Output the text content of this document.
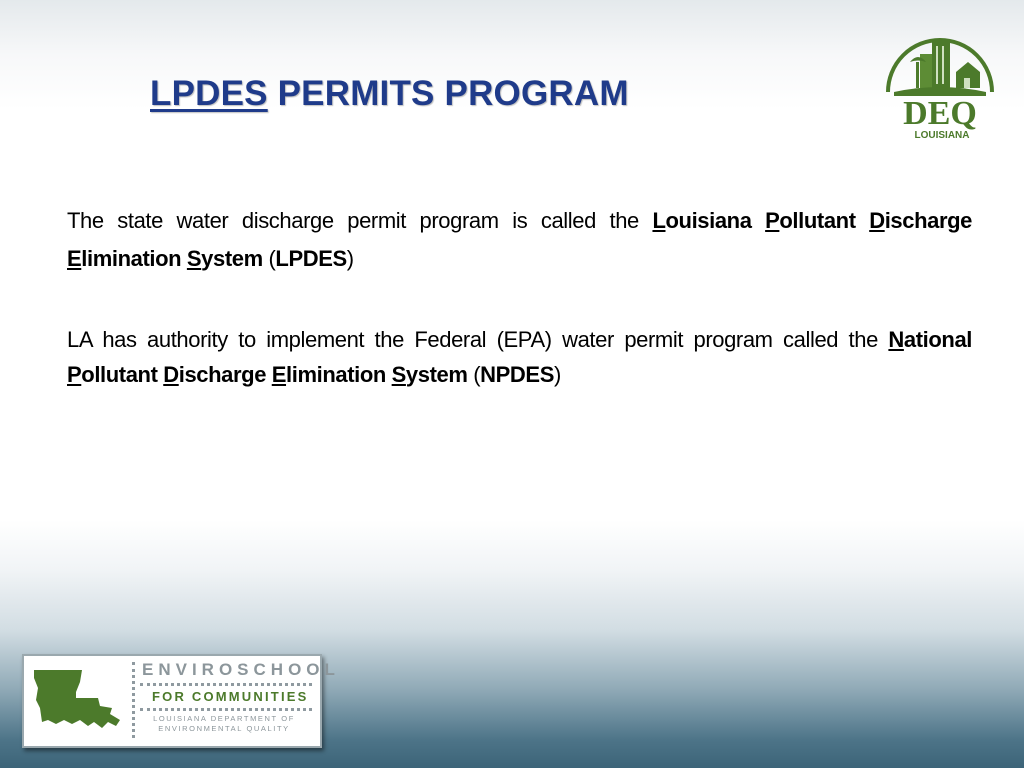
LPDES PERMITS PROGRAM
DEQ
LOUISIANA

The state water discharge permit program is called the Louisiana Pollutant Discharge Elimination System (LPDES)

LA has authority to implement the Federal (EPA) water permit program called the National Pollutant Discharge Elimination System (NPDES)

ENVIROSCHOOL
FOR COMMUNITIES
LOUISIANA DEPARTMENT OF
ENVIRONMENTAL QUALITY
